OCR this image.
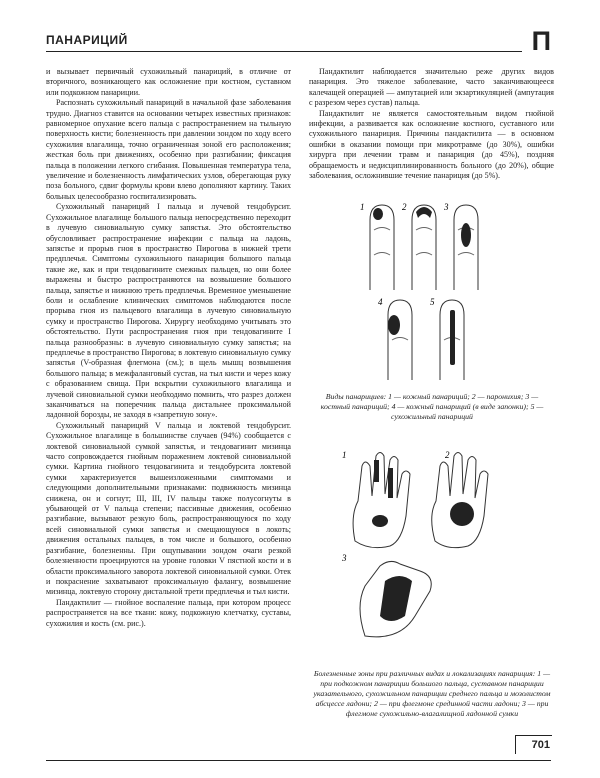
ПАНАРИЦИЙ	П

и вызывает первичный сухожильный панариций, в отличие от вторичного, возникающего как осложнение при костном, суставном или подкожном панариции.

Распознать сухожильный панариций в начальной фазе заболевания трудно. Диагноз ставится на основании четырех известных признаков: равномерное опухание всего пальца с распространением на тыльную поверхность кисти; болезненность при давлении зондом по ходу всего сухожилия влагалища, точно ограниченная зоной его расположения; жесткая боль при движениях, особенно при разгибании; фиксация пальца в положении легкого сгибания. Повышенная температура тела, увеличение и болезненность лимфатических узлов, оберегающая руку поза больного, сдвиг формулы крови влево дополняют картину. Таких больных целесообразно госпитализировать.

Сухожильный панариций I пальца и лучевой тендобурсит. Сухожильное влагалище большого пальца непосредственно переходит в лучевую синовиальную сумку запястья. Это обстоятельство обусловливает распространение инфекции с пальца на ладонь, запястье и прорыв гноя в пространство Пирогова в нижней трети предплечья. Симптомы сухожильного панариция большого пальца такие же, как и при тендовагините смежных пальцев, но они более выражены и быстро распространяются на возвышение большого пальца, запястье и нижнюю треть предплечья. Временное уменьшение боли и ослабление клинических симптомов наблюдаются после прорыва гноя из пальцевого влагалища в лучевую синовиальную сумку и пространство Пирогова. Хирургу необходимо учитывать это обстоятельство. Пути распространения гноя при тендовагините I пальца разнообразны: в лучевую синовиальную сумку запястья; на предплечье в пространство Пирогова; в локтевую синовиальную сумку запястья (V-образная флегмона (см.); в щель мышц возвышения большого пальца; в межфаланговый сустав, на тыл кисти и через кожу с образованием свища. При вскрытии сухожильного влагалища и лучевой синовиальной сумки необходимо помнить, что разрез должен заканчиваться на поперечник пальца дистальнее проксимальной ладонной борозды, не заходя в «запретную зону».

Сухожильный панариций V пальца и локтевой тендобурсит. Сухожильное влагалище в большинстве случаев (94%) сообщается с локтевой синовиальной сумкой запястья, и тендовагинит мизинца часто сопровождается гнойным поражением локтевой синовиальной сумки. Картина гнойного тендовагинита и тендобурсита локтевой сумки характеризуется вышеизложенными симптомами и следующими дополнительными признаками: подвижность мизинца снижена, он и согнут; III, III, IV пальцы также полусогнуты в убывающей от V пальца степени; пассивные движения, особенно разгибание, вызывают резкую боль, распространяющуюся по ходу всей синовиальной сумки запястья и смещающуюся в локоть; движения остальных пальцев, в том числе и большого, особенно разгибание, болезненны. При ощупывании зондом очаги резкой болезненности проецируются на уровне головки V пястной кости и в области проксимального заворота локтевой синовиальной сумки. Отек и покраснение захватывают проксимальную фалангу, возвышение мизинца, локтевую сторону дистальной трети предплечья и тыл кисти.

Пандактилит — гнойное воспаление пальца, при котором процесс распространяется на все ткани: кожу, подкожную клетчатку, суставы, сухожилия и кость (см. рис.).

Пандактилит наблюдается значительно реже других видов панариция. Это тяжелое заболевание, часто заканчивающееся калечащей операцией — ампутацией или экзартикуляцией (ампутация с разрезом через сустав) пальца.

Пандактилит не является самостоятельным видом гнойной инфекции, а развивается как осложнение костного, суставного или сухожильного панариция. Причины пандактилита — в основном ошибки в оказании помощи при микротравме (до 30%), ошибки хирурга при лечении травм и панариция (до 45%), поздняя обращаемость и недисциплинированность больного (до 20%), общие заболевания, осложнившие течение панариция (до 5%).

1	2	3
4	5
Виды панарициев: 1 — кожный панариций; 2 — паронихия; 3 — костный панариций; 4 — кожный панариций (в виде запонки); 5 — сухожильный панариций
1	2
3
Болезненные зоны при различных видах и локализациях панариция: 1 — при подкожном панариции большого пальца, суставном панариции указательного, сухожильном панариции среднего пальца и мозолистом абсцессе ладони; 2 — при флегмоне срединной части ладони; 3 — при флегмоне сухожильно-влагалищной ладонной сумки
701
